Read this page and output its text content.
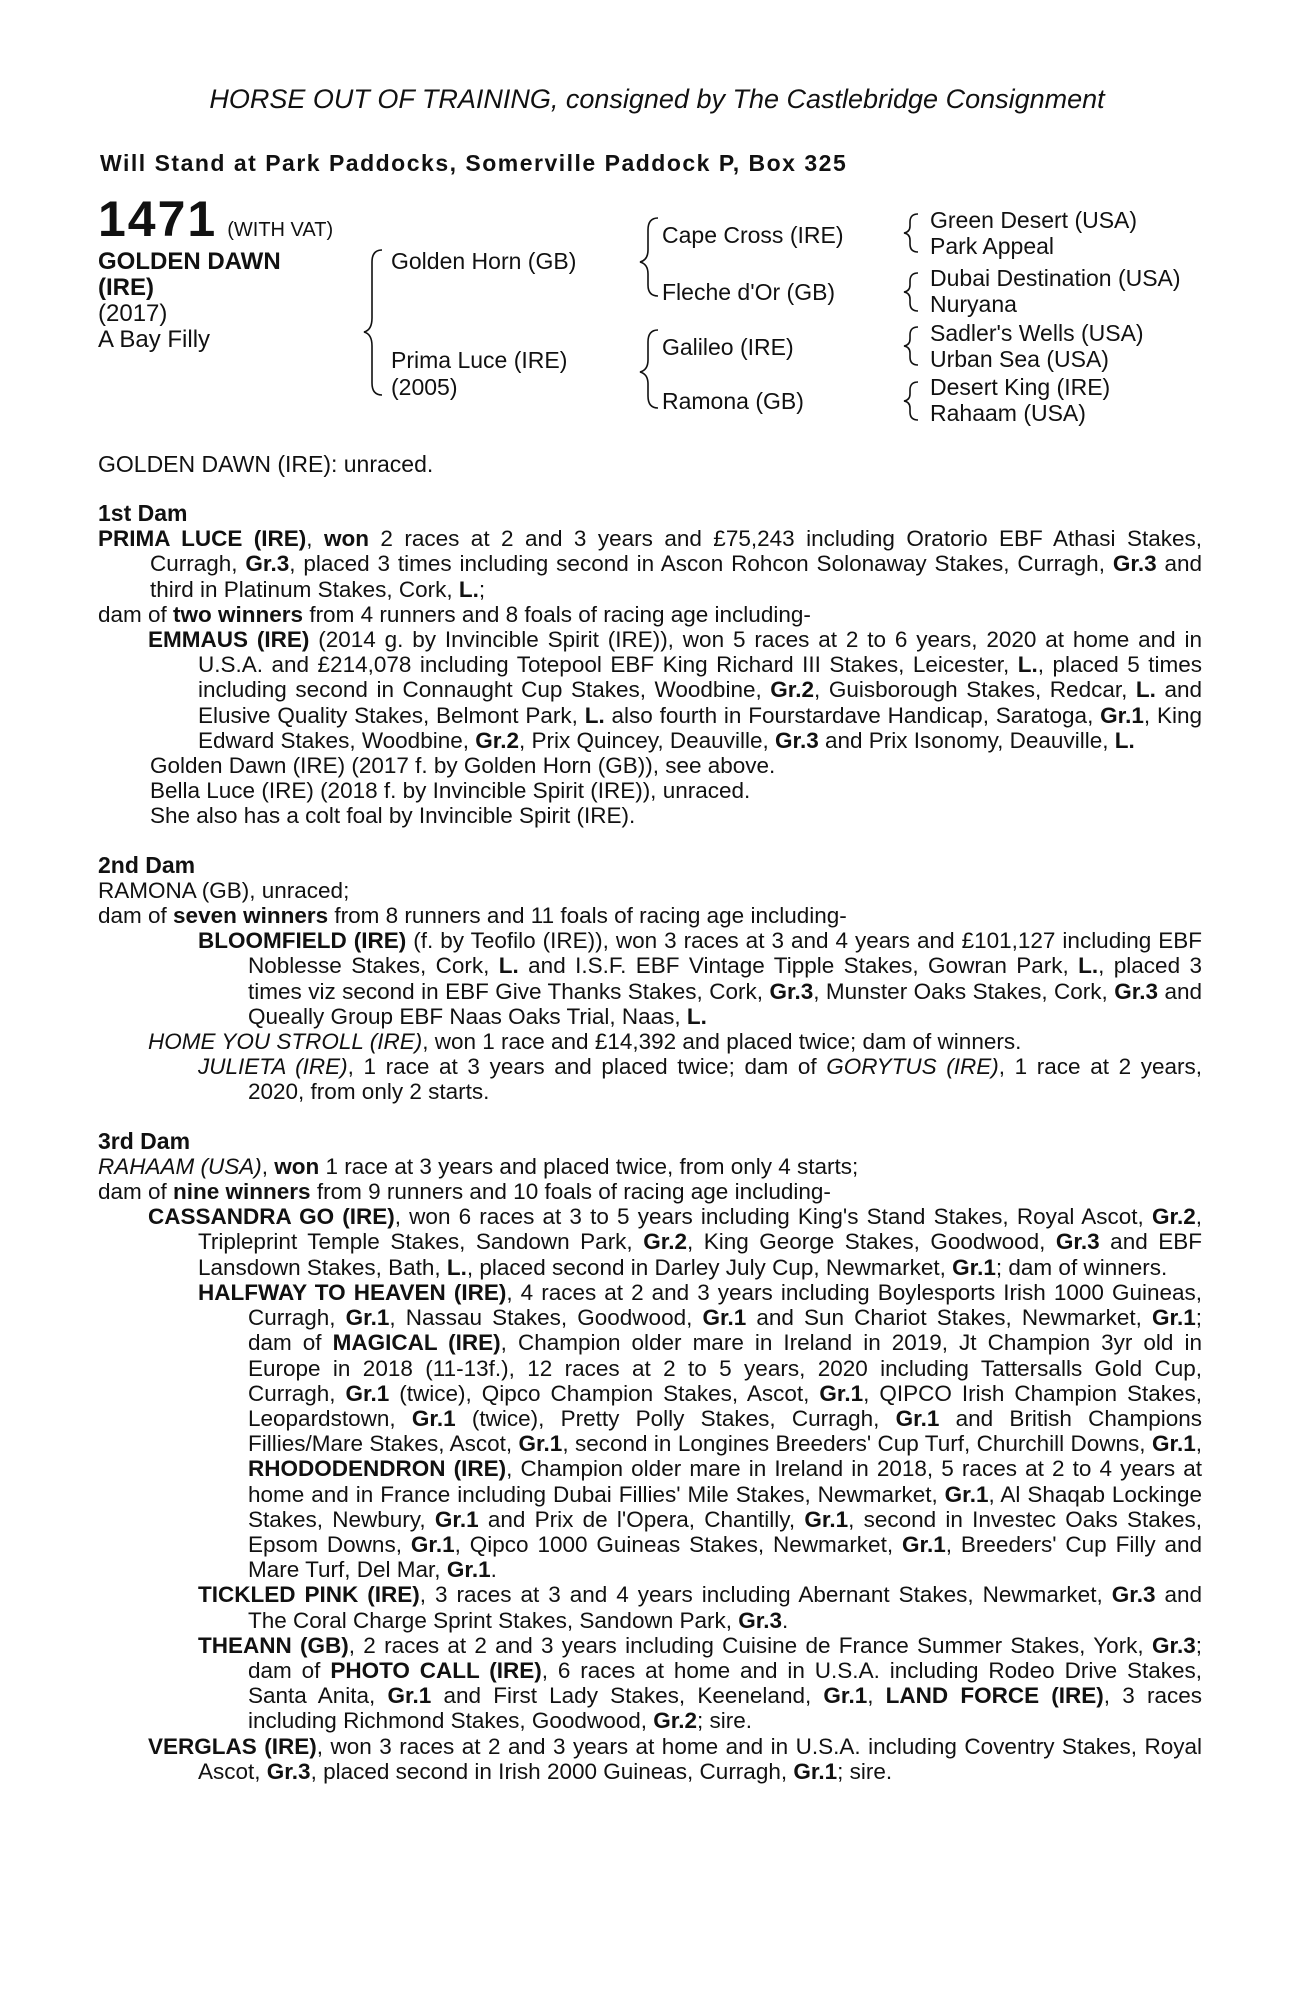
HORSE OUT OF TRAINING, consigned by The Castlebridge Consignment
Will Stand at Park Paddocks, Somerville Paddock P, Box 325
1471 (WITH VAT)
GOLDEN DAWN
(IRE)
(2017)
A Bay Filly
Golden Horn (GB)
Prima Luce (IRE)
(2005)
Cape Cross (IRE)
Fleche d'Or (GB)
Galileo (IRE)
Ramona (GB)
Green Desert (USA)
Park Appeal
Dubai Destination (USA)
Nuryana
Sadler's Wells (USA)
Urban Sea (USA)
Desert King (IRE)
Rahaam (USA)
GOLDEN DAWN (IRE): unraced.
1st Dam
PRIMA LUCE (IRE), won 2 races at 2 and 3 years and £75,243 including Oratorio EBF Athasi Stakes, Curragh, Gr.3, placed 3 times including second in Ascon Rohcon Solonaway Stakes, Curragh, Gr.3 and third in Platinum Stakes, Cork, L.;
dam of two winners from 4 runners and 8 foals of racing age including-
EMMAUS (IRE) (2014 g. by Invincible Spirit (IRE)), won 5 races at 2 to 6 years, 2020 at home and in U.S.A. and £214,078 including Totepool EBF King Richard III Stakes, Leicester, L., placed 5 times including second in Connaught Cup Stakes, Woodbine, Gr.2, Guisborough Stakes, Redcar, L. and Elusive Quality Stakes, Belmont Park, L. also fourth in Fourstardave Handicap, Saratoga, Gr.1, King Edward Stakes, Woodbine, Gr.2, Prix Quincey, Deauville, Gr.3 and Prix Isonomy, Deauville, L.
Golden Dawn (IRE) (2017 f. by Golden Horn (GB)), see above.
Bella Luce (IRE) (2018 f. by Invincible Spirit (IRE)), unraced.
She also has a colt foal by Invincible Spirit (IRE).
2nd Dam
RAMONA (GB), unraced;
dam of seven winners from 8 runners and 11 foals of racing age including-
BLOOMFIELD (IRE) (f. by Teofilo (IRE)), won 3 races at 3 and 4 years and £101,127 including EBF Noblesse Stakes, Cork, L. and I.S.F. EBF Vintage Tipple Stakes, Gowran Park, L., placed 3 times viz second in EBF Give Thanks Stakes, Cork, Gr.3, Munster Oaks Stakes, Cork, Gr.3 and Queally Group EBF Naas Oaks Trial, Naas, L.
HOME YOU STROLL (IRE), won 1 race and £14,392 and placed twice; dam of winners.
JULIETA (IRE), 1 race at 3 years and placed twice; dam of GORYTUS (IRE), 1 race at 2 years, 2020, from only 2 starts.
3rd Dam
RAHAAM (USA), won 1 race at 3 years and placed twice, from only 4 starts;
dam of nine winners from 9 runners and 10 foals of racing age including-
CASSANDRA GO (IRE), won 6 races at 3 to 5 years including King's Stand Stakes, Royal Ascot, Gr.2, Tripleprint Temple Stakes, Sandown Park, Gr.2, King George Stakes, Goodwood, Gr.3 and EBF Lansdown Stakes, Bath, L., placed second in Darley July Cup, Newmarket, Gr.1; dam of winners.
HALFWAY TO HEAVEN (IRE), 4 races at 2 and 3 years including Boylesports Irish 1000 Guineas, Curragh, Gr.1, Nassau Stakes, Goodwood, Gr.1 and Sun Chariot Stakes, Newmarket, Gr.1; dam of MAGICAL (IRE), Champion older mare in Ireland in 2019, Jt Champion 3yr old in Europe in 2018 (11-13f.), 12 races at 2 to 5 years, 2020 including Tattersalls Gold Cup, Curragh, Gr.1 (twice), Qipco Champion Stakes, Ascot, Gr.1, QIPCO Irish Champion Stakes, Leopardstown, Gr.1 (twice), Pretty Polly Stakes, Curragh, Gr.1 and British Champions Fillies/Mare Stakes, Ascot, Gr.1, second in Longines Breeders' Cup Turf, Churchill Downs, Gr.1, RHODODENDRON (IRE), Champion older mare in Ireland in 2018, 5 races at 2 to 4 years at home and in France including Dubai Fillies' Mile Stakes, Newmarket, Gr.1, Al Shaqab Lockinge Stakes, Newbury, Gr.1 and Prix de l'Opera, Chantilly, Gr.1, second in Investec Oaks Stakes, Epsom Downs, Gr.1, Qipco 1000 Guineas Stakes, Newmarket, Gr.1, Breeders' Cup Filly and Mare Turf, Del Mar, Gr.1.
TICKLED PINK (IRE), 3 races at 3 and 4 years including Abernant Stakes, Newmarket, Gr.3 and The Coral Charge Sprint Stakes, Sandown Park, Gr.3.
THEANN (GB), 2 races at 2 and 3 years including Cuisine de France Summer Stakes, York, Gr.3; dam of PHOTO CALL (IRE), 6 races at home and in U.S.A. including Rodeo Drive Stakes, Santa Anita, Gr.1 and First Lady Stakes, Keeneland, Gr.1, LAND FORCE (IRE), 3 races including Richmond Stakes, Goodwood, Gr.2; sire.
VERGLAS (IRE), won 3 races at 2 and 3 years at home and in U.S.A. including Coventry Stakes, Royal Ascot, Gr.3, placed second in Irish 2000 Guineas, Curragh, Gr.1; sire.
